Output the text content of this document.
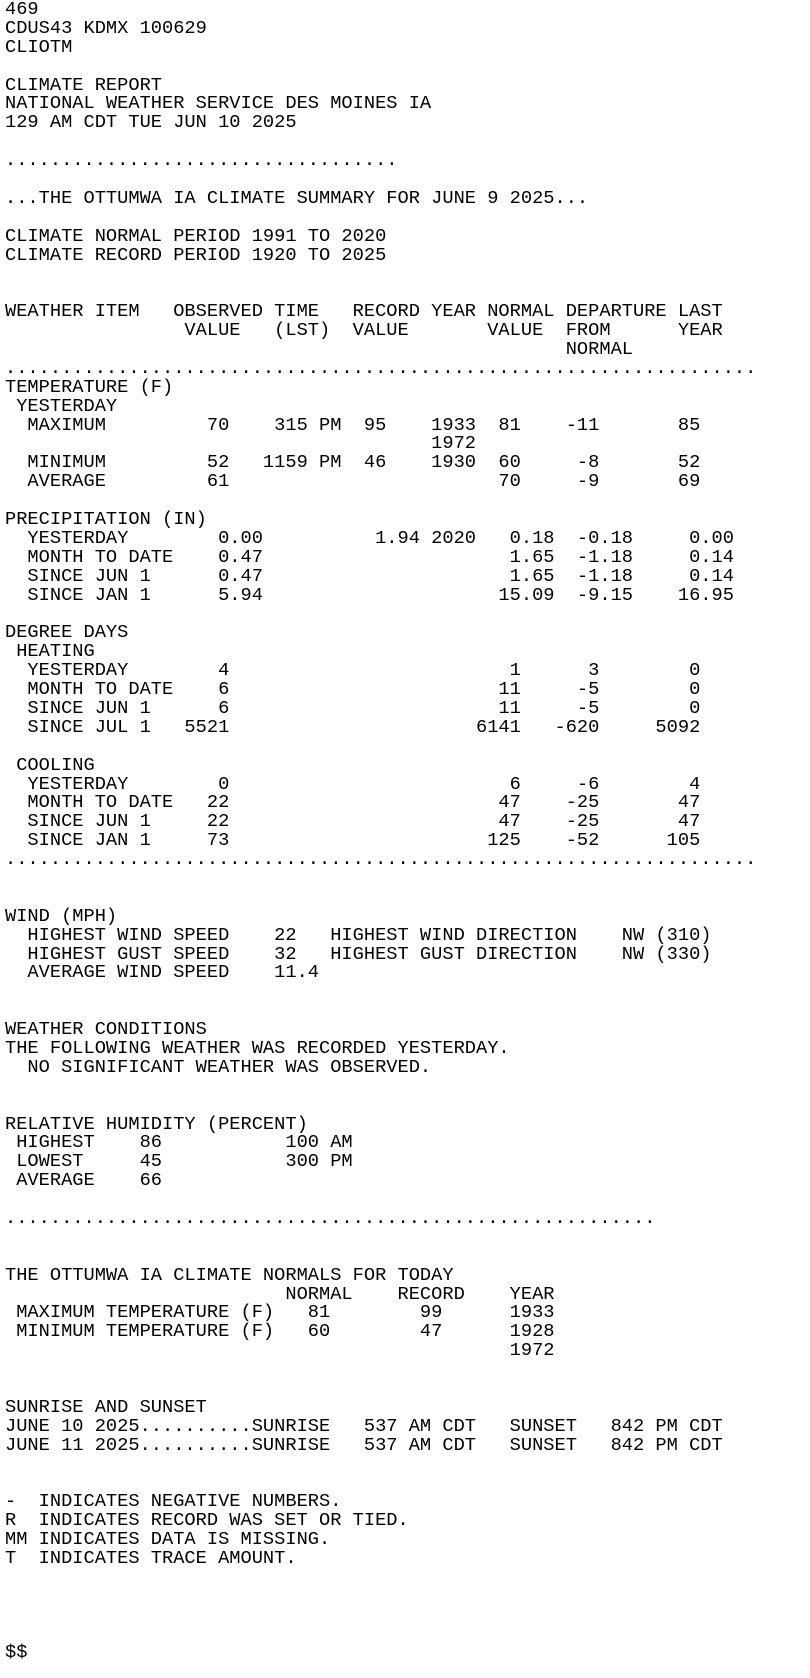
469
CDUS43 KDMX 100629
CLIOTM

CLIMATE REPORT
NATIONAL WEATHER SERVICE DES MOINES IA
129 AM CDT TUE JUN 10 2025

...................................

...THE OTTUMWA IA CLIMATE SUMMARY FOR JUNE 9 2025...

CLIMATE NORMAL PERIOD 1991 TO 2020
CLIMATE RECORD PERIOD 1920 TO 2025

WEATHER ITEM   OBSERVED TIME   RECORD YEAR NORMAL DEPARTURE LAST
VALUE   (LST)  VALUE       VALUE  FROM      YEAR
NORMAL
...................................................................
TEMPERATURE (F)
YESTERDAY
MAXIMUM         70    315 PM  95    1933  81    -11       85
1972
MINIMUM         52   1159 PM  46    1930  60     -8       52
AVERAGE         61                        70     -9       69

PRECIPITATION (IN)
YESTERDAY        0.00          1.94 2020   0.18  -0.18     0.00
MONTH TO DATE    0.47                      1.65  -1.18     0.14
SINCE JUN 1      0.47                      1.65  -1.18     0.14
SINCE JAN 1      5.94                     15.09  -9.15    16.95

DEGREE DAYS
HEATING
YESTERDAY        4                         1      3        0
MONTH TO DATE    6                        11     -5        0
SINCE JUN 1      6                        11     -5        0
SINCE JUL 1   5521                      6141   -620     5092

COOLING
YESTERDAY        0                         6     -6        4
MONTH TO DATE   22                        47    -25       47
SINCE JUN 1     22                        47    -25       47
SINCE JAN 1     73                       125    -52      105
...................................................................

WIND (MPH)
HIGHEST WIND SPEED    22   HIGHEST WIND DIRECTION    NW (310)
HIGHEST GUST SPEED    32   HIGHEST GUST DIRECTION    NW (330)
AVERAGE WIND SPEED    11.4

WEATHER CONDITIONS
THE FOLLOWING WEATHER WAS RECORDED YESTERDAY.
NO SIGNIFICANT WEATHER WAS OBSERVED.

RELATIVE HUMIDITY (PERCENT)
HIGHEST    86           100 AM
LOWEST     45           300 PM
AVERAGE    66

..........................................................

THE OTTUMWA IA CLIMATE NORMALS FOR TODAY
NORMAL    RECORD    YEAR
MAXIMUM TEMPERATURE (F)   81        99      1933
MINIMUM TEMPERATURE (F)   60        47      1928
1972

SUNRISE AND SUNSET
JUNE 10 2025..........SUNRISE   537 AM CDT   SUNSET   842 PM CDT
JUNE 11 2025..........SUNRISE   537 AM CDT   SUNSET   842 PM CDT

-  INDICATES NEGATIVE NUMBERS.
R  INDICATES RECORD WAS SET OR TIED.
MM INDICATES DATA IS MISSING.
T  INDICATES TRACE AMOUNT.

$$
